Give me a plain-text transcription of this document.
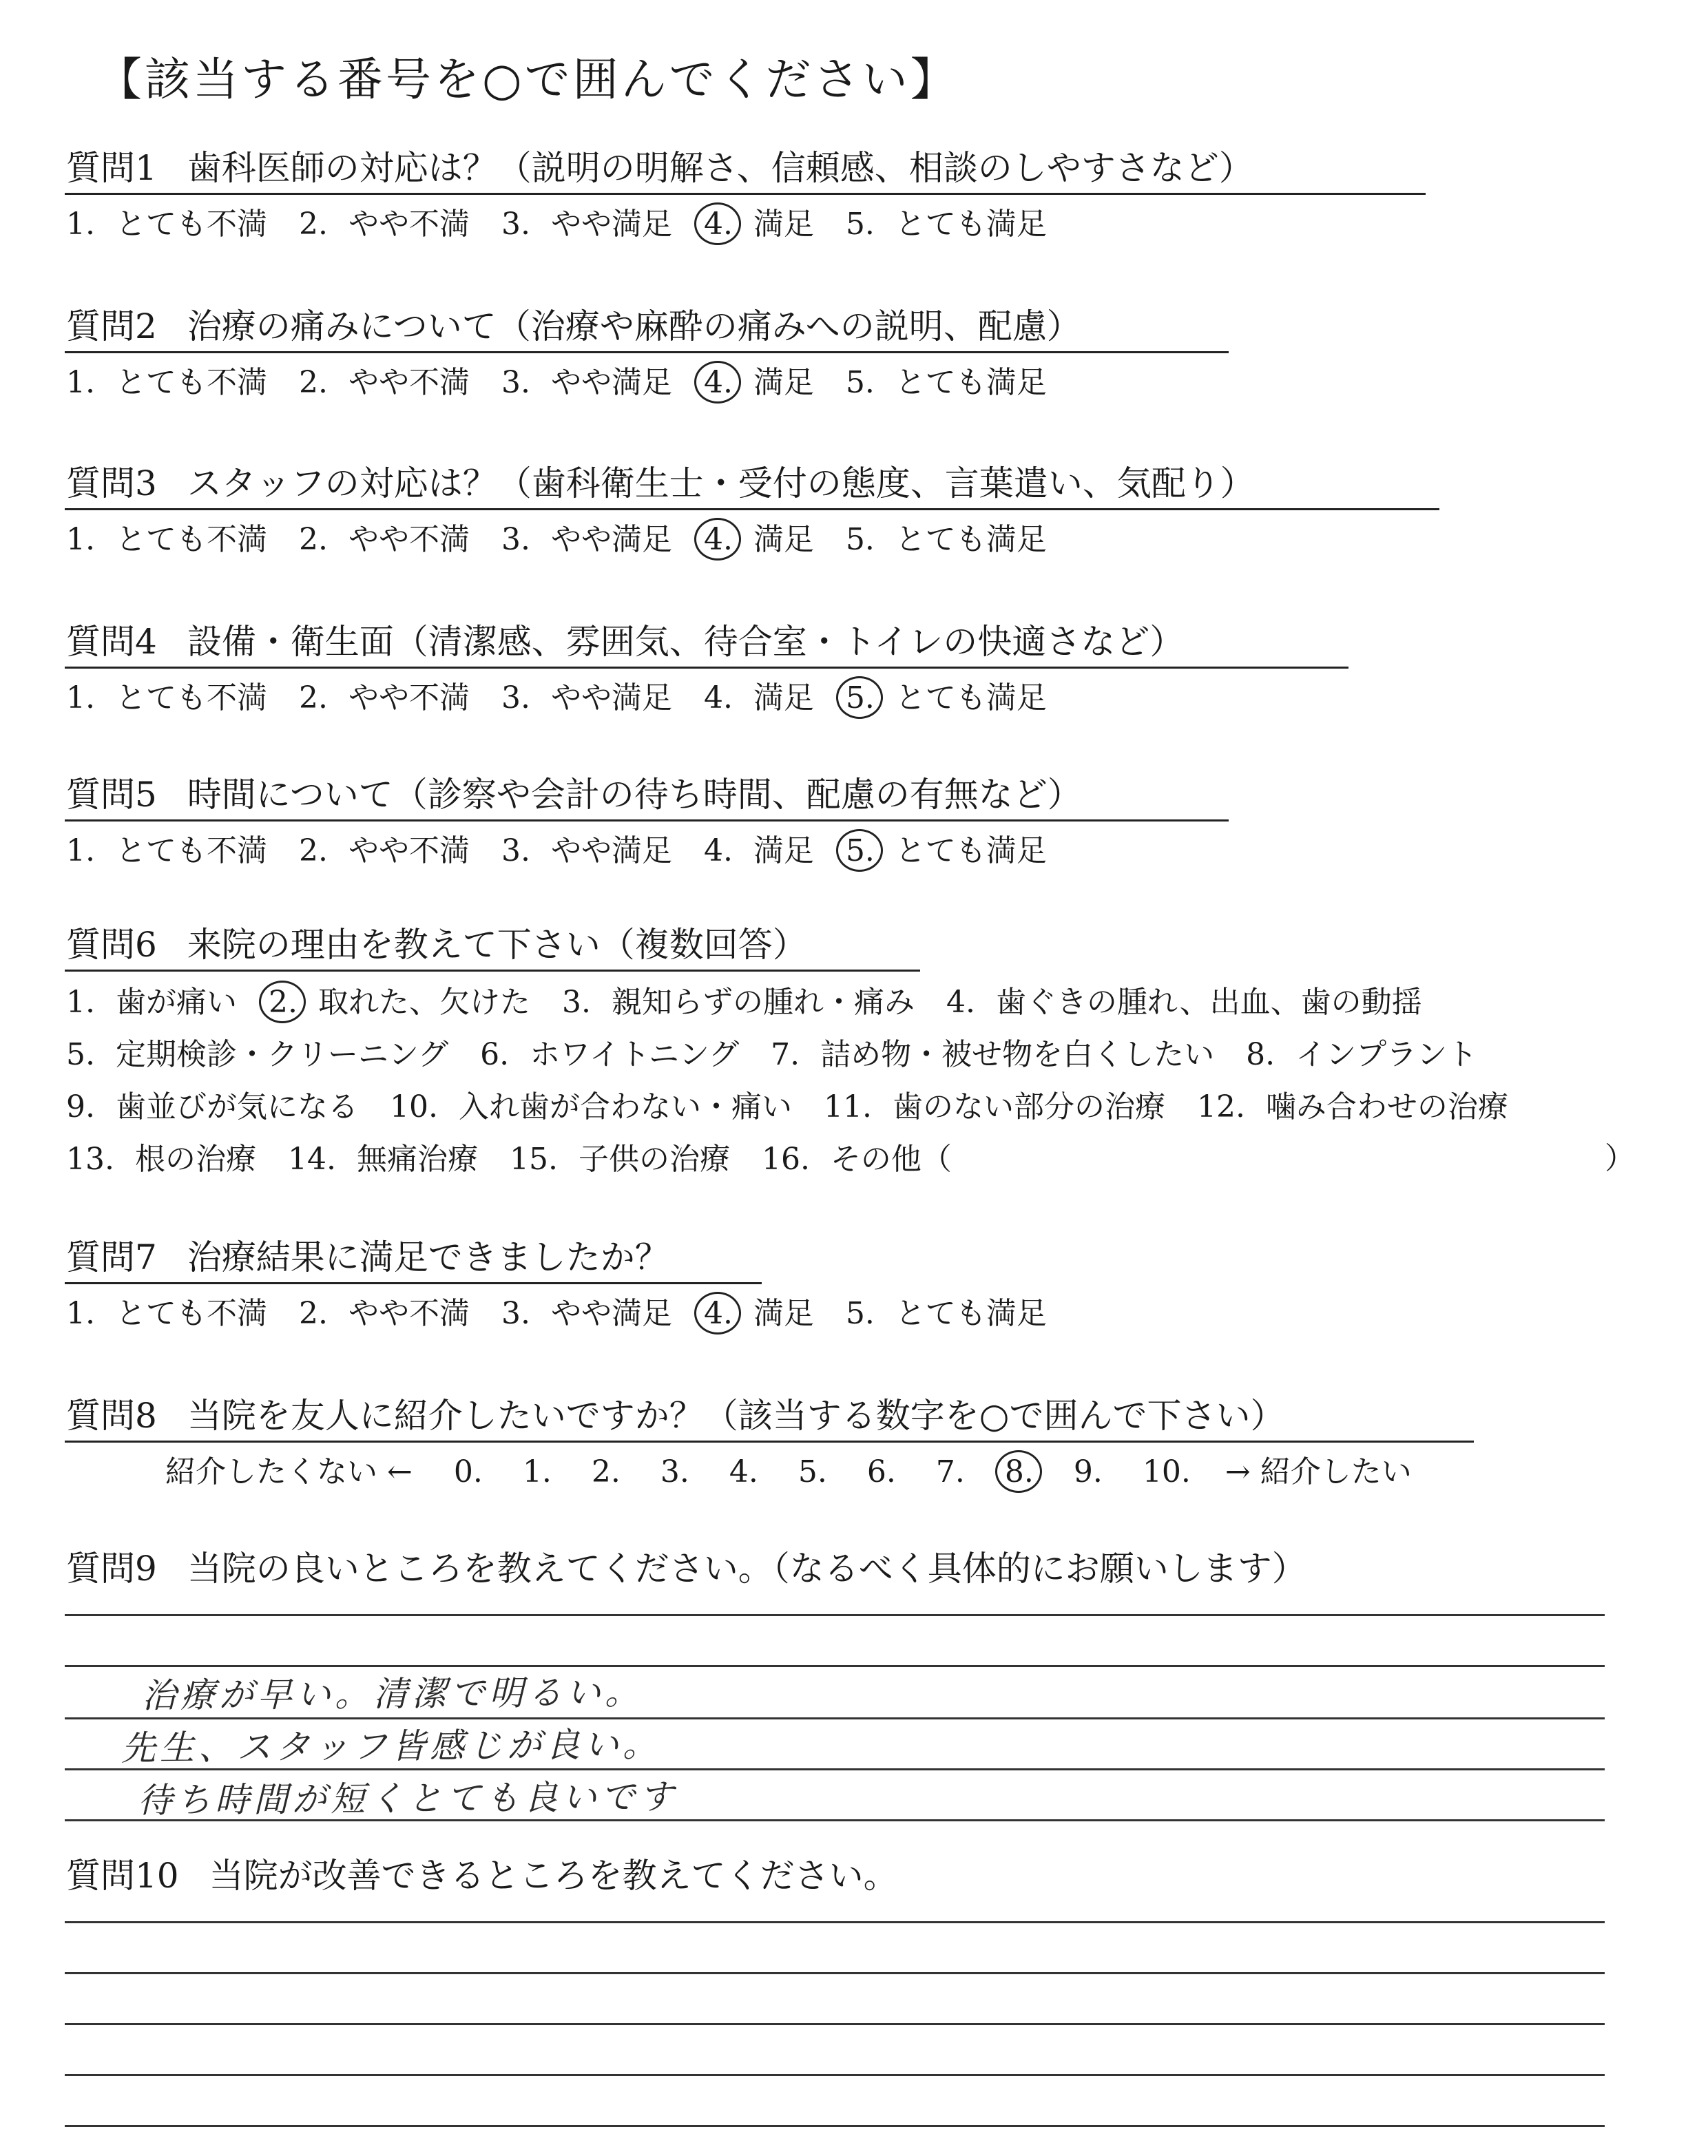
【該当する番号を○で囲んでください】
質問1 歯科医師の対応は？（説明の明解さ、信頼感、相談のしやすさなど）
1. とても不満 2. やや不満 3. やや満足 4. 満足 5. とても満足
質問2 治療の痛みについて（治療や麻酔の痛みへの説明、配慮）
1. とても不満 2. やや不満 3. やや満足 4. 満足 5. とても満足
質問3 スタッフの対応は？（歯科衛生士・受付の態度、言葉遣い、気配り）
1. とても不満 2. やや不満 3. やや満足 4. 満足 5. とても満足
質問4 設備・衛生面（清潔感、雰囲気、待合室・トイレの快適さなど）
1. とても不満 2. やや不満 3. やや満足 4. 満足 5. とても満足
質問5 時間について（診察や会計の待ち時間、配慮の有無など）
1. とても不満 2. やや不満 3. やや満足 4. 満足 5. とても満足
質問6 来院の理由を教えて下さい（複数回答）
1. 歯が痛い 2. 取れた、欠けた 3. 親知らずの腫れ・痛み 4. 歯ぐきの腫れ、出血、歯の動揺
5. 定期検診・クリーニング 6. ホワイトニング 7. 詰め物・被せ物を白くしたい 8. インプラント
9. 歯並びが気になる 10. 入れ歯が合わない・痛い 11. 歯のない部分の治療 12. 噛み合わせの治療
13. 根の治療 14. 無痛治療 15. 子供の治療 16. その他（	）
質問7 治療結果に満足できましたか？
1. とても不満 2. やや不満 3. やや満足 4. 満足 5. とても満足
質問8 当院を友人に紹介したいですか？（該当する数字を○で囲んで下さい）
紹介したくない ← 0. 1. 2. 3. 4. 5. 6. 7. 8. 9. 10. → 紹介したい
質問9 当院の良いところを教えてください。（なるべく具体的にお願いします）
治療が早い。清潔で明るい。
先生、スタッフ皆感じが良い。
待ち時間が短くとても良いです
質問10 当院が改善できるところを教えてください。
